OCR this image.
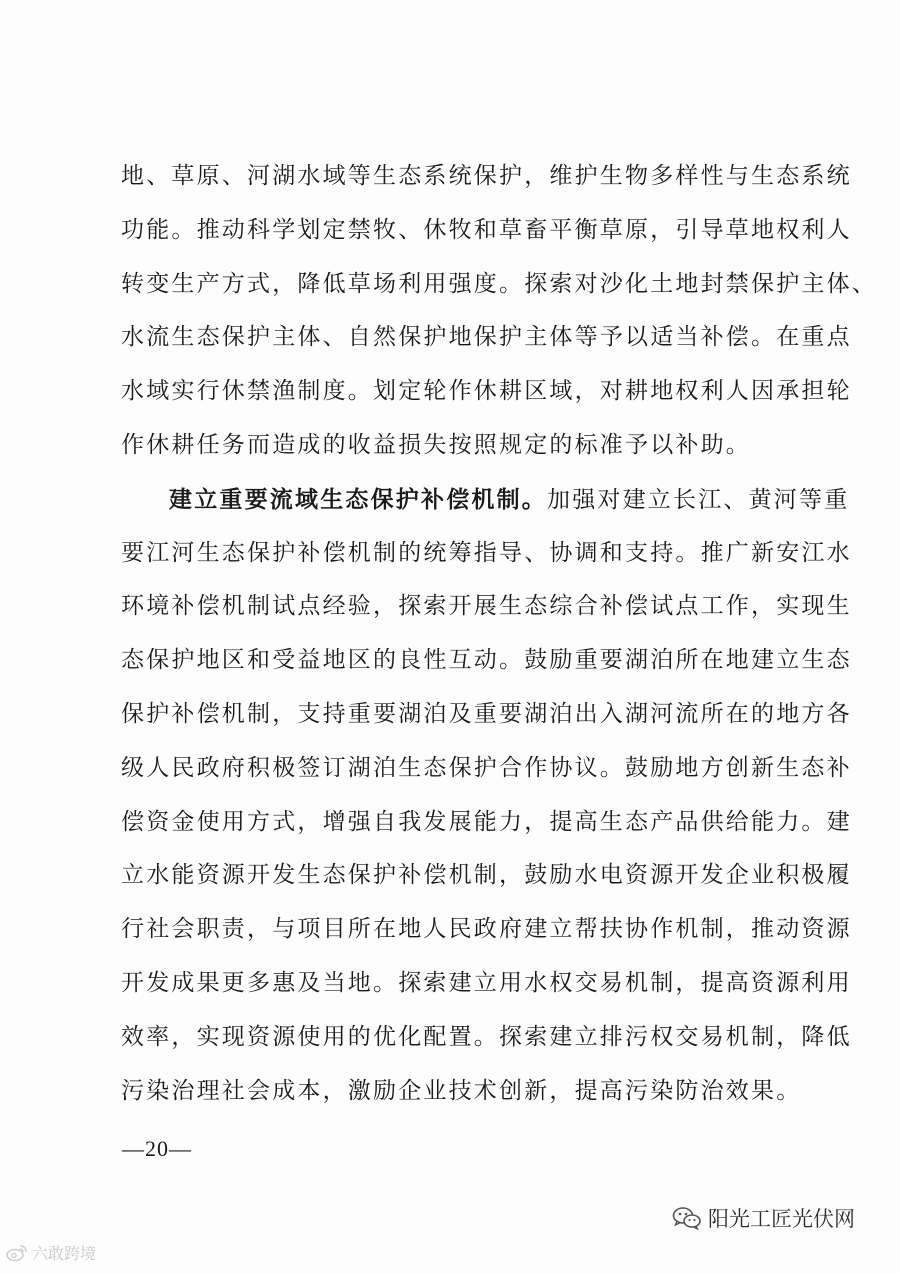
地、草原、河湖水域等生态系统保护，维护生物多样性与生态系统
功能。推动科学划定禁牧、休牧和草畜平衡草原，引导草地权利人
转变生产方式，降低草场利用强度。探索对沙化土地封禁保护主体、
水流生态保护主体、自然保护地保护主体等予以适当补偿。在重点
水域实行休禁渔制度。划定轮作休耕区域，对耕地权利人因承担轮
作休耕任务而造成的收益损失按照规定的标准予以补助。
建立重要流域生态保护补偿机制。加强对建立长江、黄河等重
要江河生态保护补偿机制的统筹指导、协调和支持。推广新安江水
环境补偿机制试点经验，探索开展生态综合补偿试点工作，实现生
态保护地区和受益地区的良性互动。鼓励重要湖泊所在地建立生态
保护补偿机制，支持重要湖泊及重要湖泊出入湖河流所在的地方各
级人民政府积极签订湖泊生态保护合作协议。鼓励地方创新生态补
偿资金使用方式，增强自我发展能力，提高生态产品供给能力。建
立水能资源开发生态保护补偿机制，鼓励水电资源开发企业积极履
行社会职责，与项目所在地人民政府建立帮扶协作机制，推动资源
开发成果更多惠及当地。探索建立用水权交易机制，提高资源利用
效率，实现资源使用的优化配置。探索建立排污权交易机制，降低
污染治理社会成本，激励企业技术创新，提高污染防治效果。
—20—
六敢跨境
阳光工匠光伏网
